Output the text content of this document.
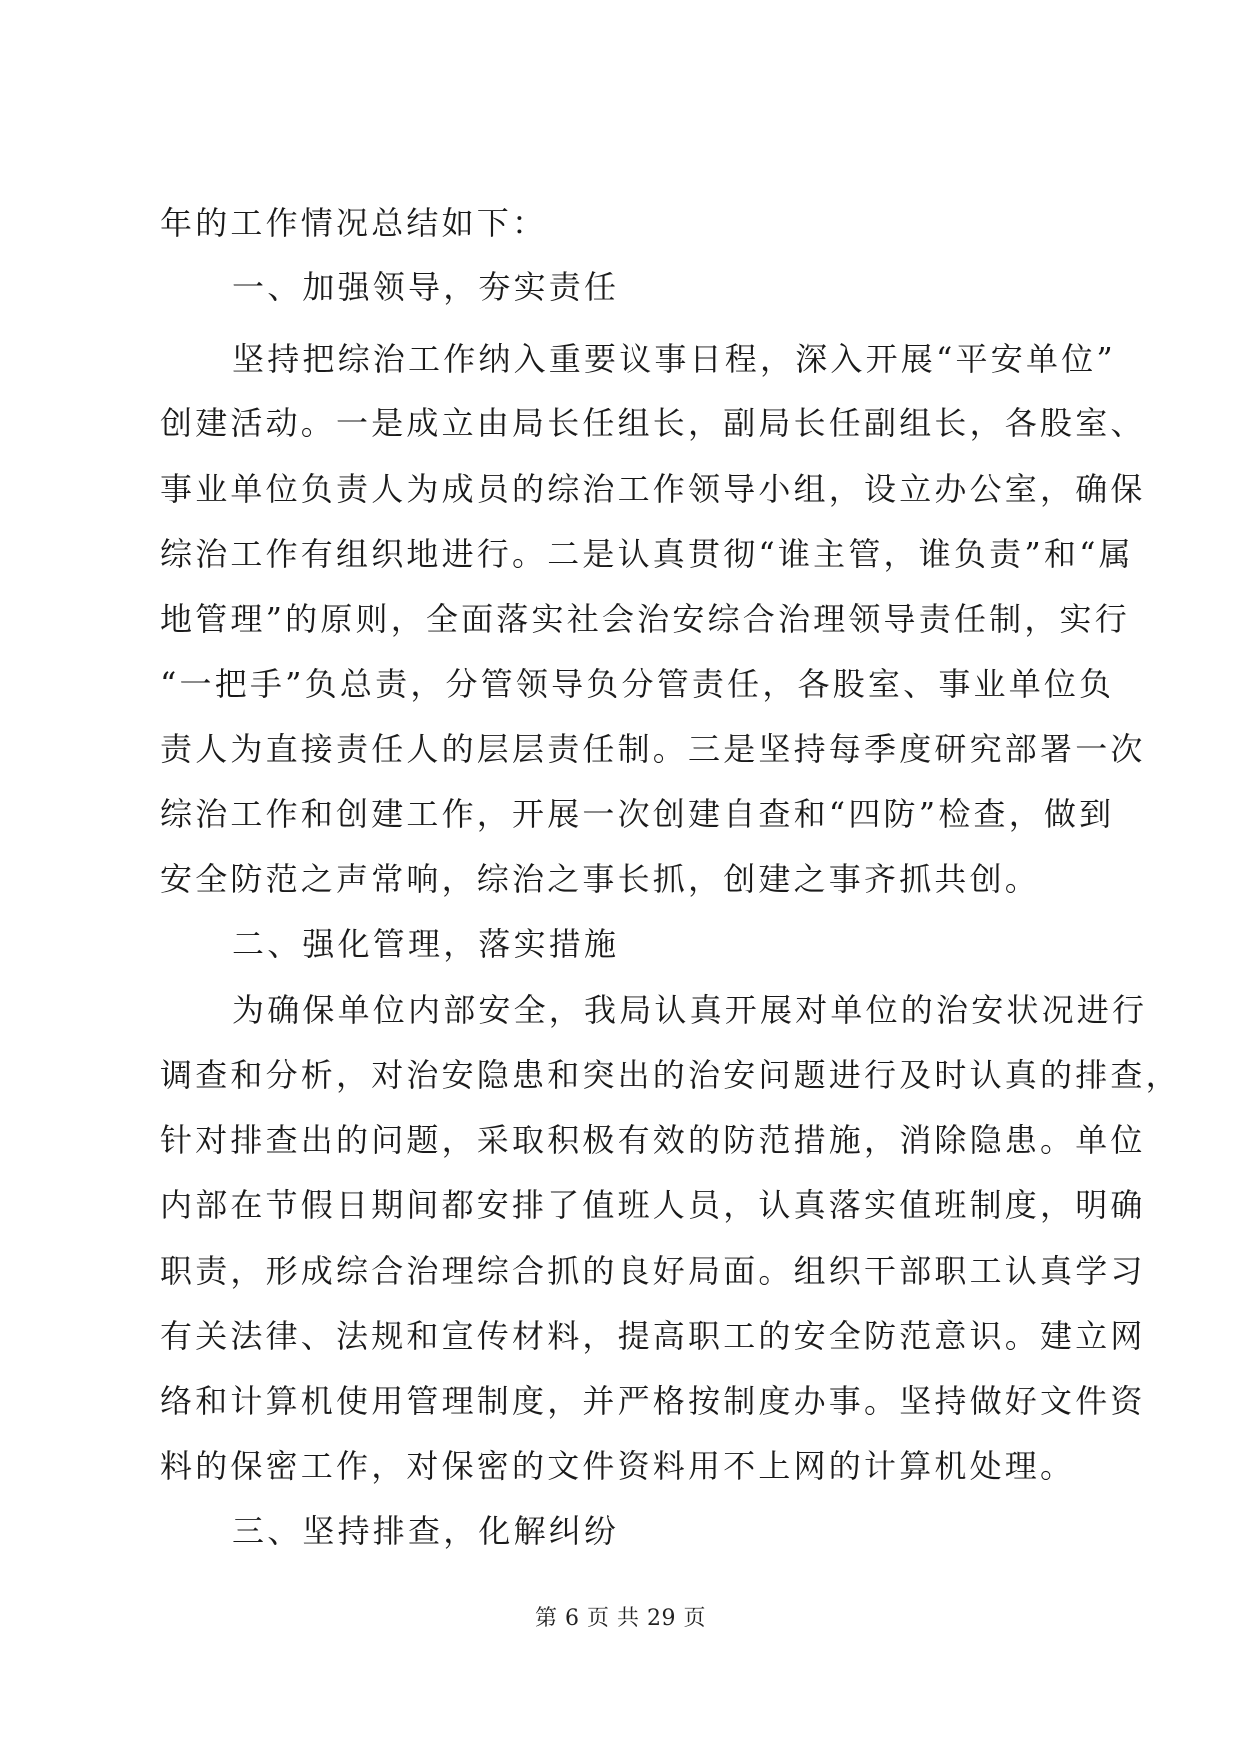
年的工作情况总结如下：
一、加强领导，夯实责任
坚持把综治工作纳入重要议事日程，深入开展“平安单位”
创建活动。一是成立由局长任组长，副局长任副组长，各股室、
事业单位负责人为成员的综治工作领导小组，设立办公室，确保
综治工作有组织地进行。二是认真贯彻“谁主管，谁负责”和“属
地管理”的原则，全面落实社会治安综合治理领导责任制，实行
“一把手”负总责，分管领导负分管责任，各股室、事业单位负
责人为直接责任人的层层责任制。三是坚持每季度研究部署一次
综治工作和创建工作，开展一次创建自查和“四防”检查，做到
安全防范之声常响，综治之事长抓，创建之事齐抓共创。
二、强化管理，落实措施
为确保单位内部安全，我局认真开展对单位的治安状况进行
调查和分析，对治安隐患和突出的治安问题进行及时认真的排查，
针对排查出的问题，采取积极有效的防范措施，消除隐患。单位
内部在节假日期间都安排了值班人员，认真落实值班制度，明确
职责，形成综合治理综合抓的良好局面。组织干部职工认真学习
有关法律、法规和宣传材料，提高职工的安全防范意识。建立网
络和计算机使用管理制度，并严格按制度办事。坚持做好文件资
料的保密工作，对保密的文件资料用不上网的计算机处理。
三、坚持排查，化解纠纷
第 6 页 共 29 页
